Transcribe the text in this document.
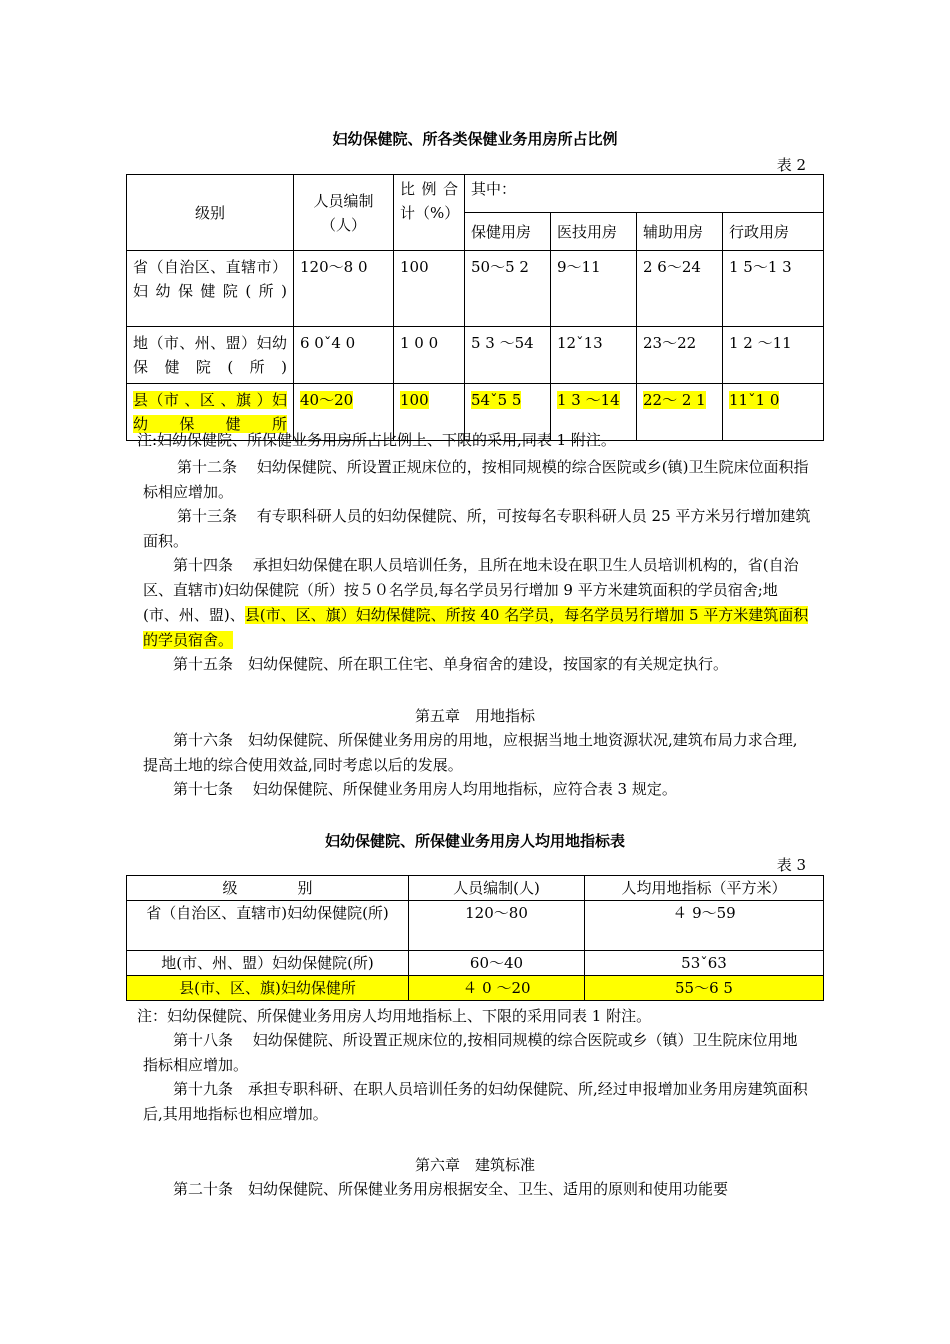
妇幼保健院、所各类保健业务用房所占比例
表 2
级别	人员编制（人）	比 例 合 计（%）	其中：			
			保健用房	医技用房	辅助用房	行政用房
省（自治区、直辖市） 妇幼保健院(所)	120～8 0	100	50～5 2	9～11	2 6～24	1 5～1 3
地（市、州、盟）妇幼保健院(所)	6 0ˇ4 0	1 0 0	5 3 ～54	12ˇ13	23～22	1 2 ～11
县（市 、区 、旗 ）妇幼保健所	40～20	100	54ˇ5 5	1 3 ～14	22～ 2 1	11ˇ1 0
注:妇幼保健院、所保健业务用房所占比例上、下限的采用,同表 1 附注。
第十二条　 妇幼保健院、所设置正规床位的，按相同规模的综合医院或乡(镇)卫生院床位面积指标相应增加。
第十三条　 有专职科研人员的妇幼保健院、所，可按每名专职科研人员 25 平方米另行增加建筑面积。
第十四条　 承担妇幼保健在职人员培训任务，且所在地未设在职卫生人员培训机构的，省(自治区、直辖市)妇幼保健院（所）按５０名学员,每名学员另行增加 9 平方米建筑面积的学员宿舍;地(市、州、盟)、县(市、区、旗）妇幼保健院、所按 40 名学员，每名学员另行增加 5 平方米建筑面积的学员宿舍。
第十五条　妇幼保健院、所在职工住宅、单身宿舍的建设，按国家的有关规定执行。
第五章　用地指标
第十六条　妇幼保健院、所保健业务用房的用地，应根据当地土地资源状况,建筑布局力求合理,提高土地的综合使用效益,同时考虑以后的发展。
第十七条　 妇幼保健院、所保健业务用房人均用地指标，应符合表 3 规定。
妇幼保健院、所保健业务用房人均用地指标表
表 3
级　　　　别	人员编制(人)	人均用地指标（平方米）
省（自治区、直辖市)妇幼保健院(所)	120～80	４ 9～59
地(市、州、盟）妇幼保健院(所)	60～40	53ˇ63
县(市、区、旗)妇幼保健所	４ 0 ～20	55～6 5
注：妇幼保健院、所保健业务用房人均用地指标上、下限的采用同表 1 附注。
第十八条　 妇幼保健院、所设置正规床位的,按相同规模的综合医院或乡（镇）卫生院床位用地指标相应增加。
第十九条　承担专职科研、在职人员培训任务的妇幼保健院、所,经过申报增加业务用房建筑面积后,其用地指标也相应增加。
第六章　建筑标准
第二十条　妇幼保健院、所保健业务用房根据安全、卫生、适用的原则和使用功能要
